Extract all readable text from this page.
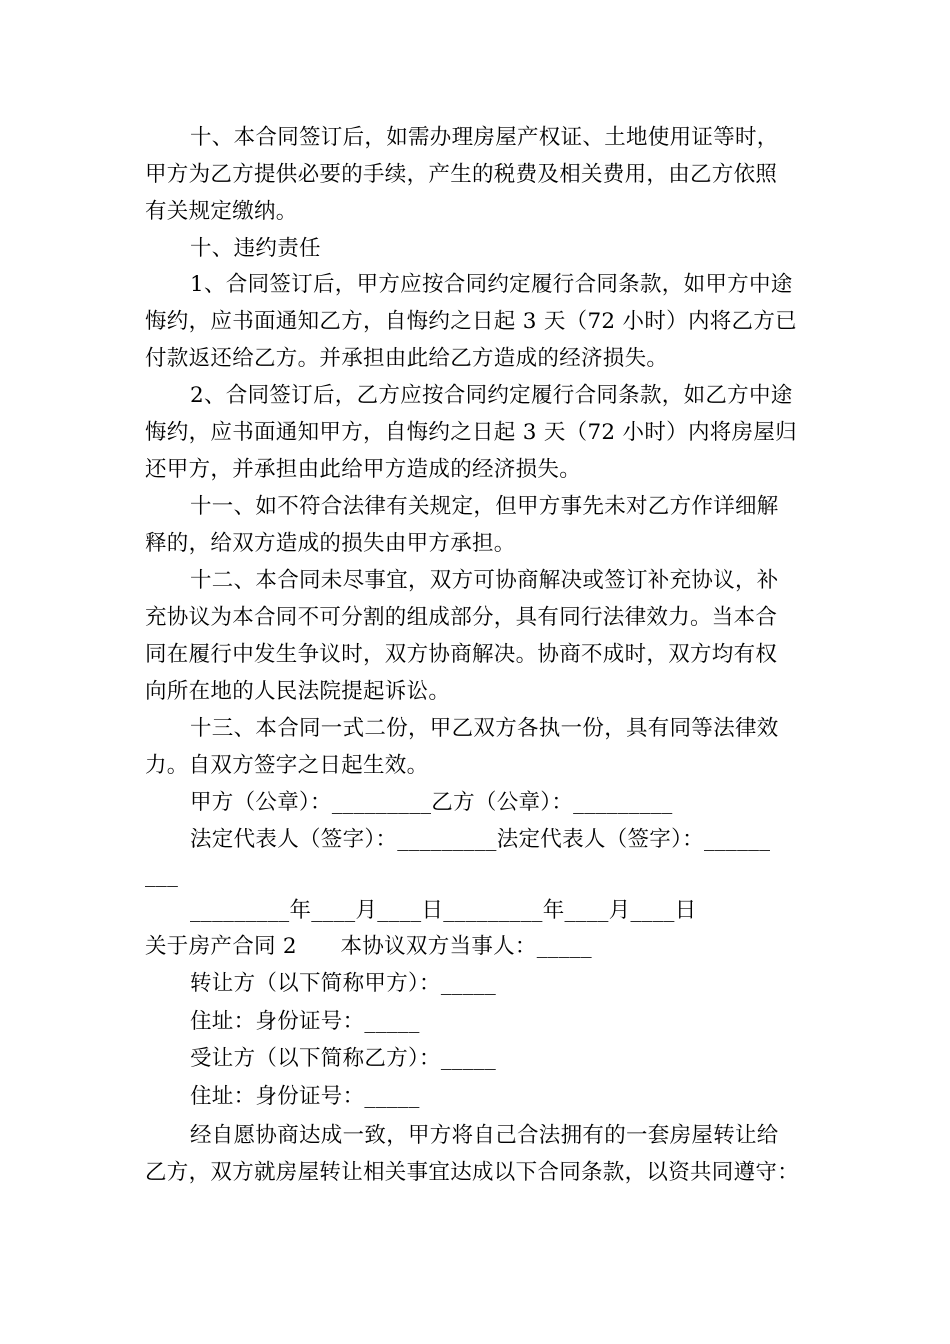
十、本合同签订后，如需办理房屋产权证、土地使用证等时，
甲方为乙方提供必要的手续，产生的税费及相关费用，由乙方依照
有关规定缴纳。
十、违约责任
1、合同签订后，甲方应按合同约定履行合同条款，如甲方中途
悔约，应书面通知乙方，自悔约之日起 3 天（72 小时）内将乙方已
付款返还给乙方。并承担由此给乙方造成的经济损失。
2、合同签订后，乙方应按合同约定履行合同条款，如乙方中途
悔约，应书面通知甲方，自悔约之日起 3 天（72 小时）内将房屋归
还甲方，并承担由此给甲方造成的经济损失。
十一、如不符合法律有关规定，但甲方事先未对乙方作详细解
释的，给双方造成的损失由甲方承担。
十二、本合同未尽事宜，双方可协商解决或签订补充协议，补
充协议为本合同不可分割的组成部分，具有同行法律效力。当本合
同在履行中发生争议时，双方协商解决。协商不成时，双方均有权
向所在地的人民法院提起诉讼。
十三、本合同一式二份，甲乙双方各执一份，具有同等法律效
力。自双方签字之日起生效。
甲方（公章）：_________乙方（公章）：_________
法定代表人（签字）：_________法定代表人（签字）：______
___
_________年____月____日_________年____月____日
关于房产合同 2　　本协议双方当事人：_____
转让方（以下简称甲方）：_____
住址：身份证号：_____
受让方（以下简称乙方）：_____
住址：身份证号：_____
经自愿协商达成一致，甲方将自己合法拥有的一套房屋转让给
乙方，双方就房屋转让相关事宜达成以下合同条款，以资共同遵守：
